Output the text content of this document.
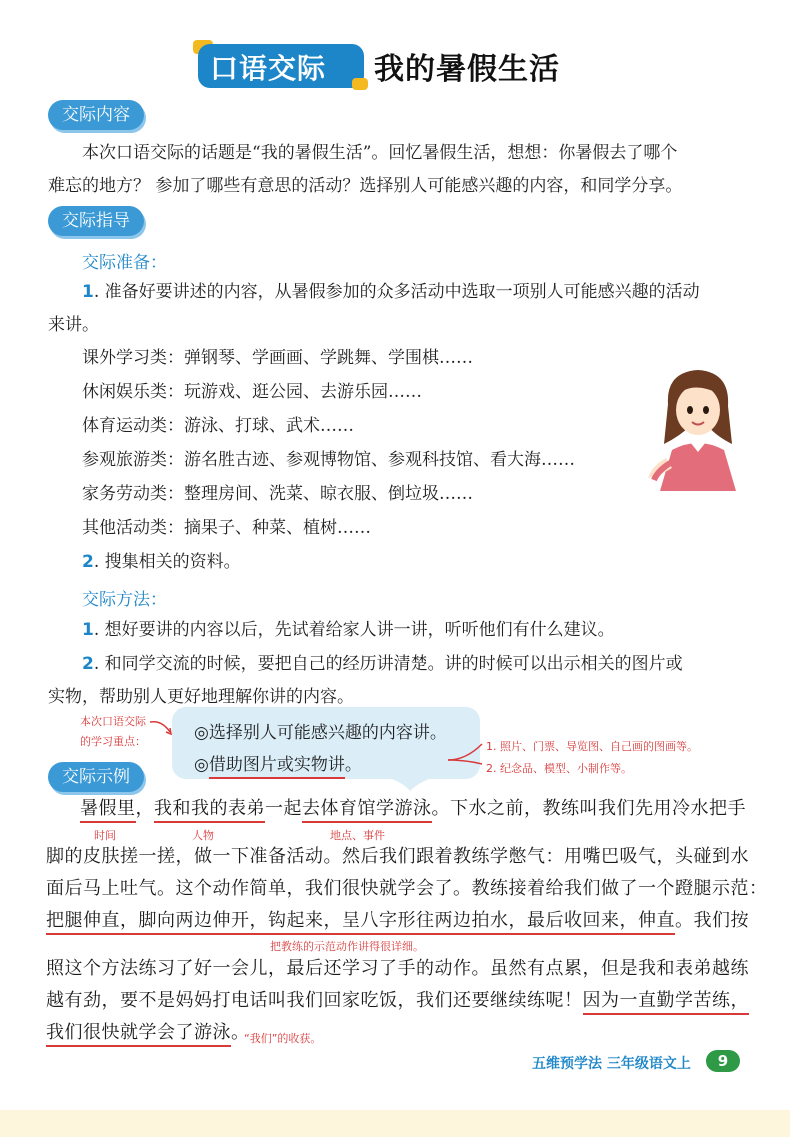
口语交际 我的暑假生活
交际内容
本次口语交际的话题是“我的暑假生活”。回忆暑假生活，想想：你暑假去了哪个
难忘的地方？ 参加了哪些有意思的活动？选择别人可能感兴趣的内容，和同学分享。
交际指导
交际准备：
1. 准备好要讲述的内容，从暑假参加的众多活动中选取一项别人可能感兴趣的活动
来讲。
课外学习类：弹钢琴、学画画、学跳舞、学围棋……
休闲娱乐类：玩游戏、逛公园、去游乐园……
体育运动类：游泳、打球、武术……
参观旅游类：游名胜古迹、参观博物馆、参观科技馆、看大海……
家务劳动类：整理房间、洗菜、晾衣服、倒垃圾……
其他活动类：摘果子、种菜、植树……
2. 搜集相关的资料。
交际方法：
1. 想好要讲的内容以后，先试着给家人讲一讲，听听他们有什么建议。
2. 和同学交流的时候，要把自己的经历讲清楚。讲的时候可以出示相关的图片或
实物，帮助别人更好地理解你讲的内容。
本次口语交际
的学习重点：	◎选择别人可能感兴趣的内容讲。
◎借助图片或实物讲。
1. 照片、门票、导览图、自己画的图画等。
2. 纪念品、模型、小制作等。
交际示例
暑假里，我和我的表弟一起去体育馆学游泳。下水之前，教练叫我们先用冷水把手
时间	人物	地点、事件
脚的皮肤搓一搓，做一下准备活动。然后我们跟着教练学憋气：用嘴巴吸气，头碰到水
面后马上吐气。这个动作简单，我们很快就学会了。教练接着给我们做了一个蹬腿示范：
把腿伸直，脚向两边伸开，钩起来，呈八字形往两边拍水，最后收回来，伸直。我们按
把教练的示范动作讲得很详细。
照这个方法练习了好一会儿，最后还学习了手的动作。虽然有点累，但是我和表弟越练
越有劲，要不是妈妈打电话叫我们回家吃饭，我们还要继续练呢！因为一直勤学苦练，
我们很快就学会了游泳。
“我们”的收获。
五维预学法 三年级语文上	9
